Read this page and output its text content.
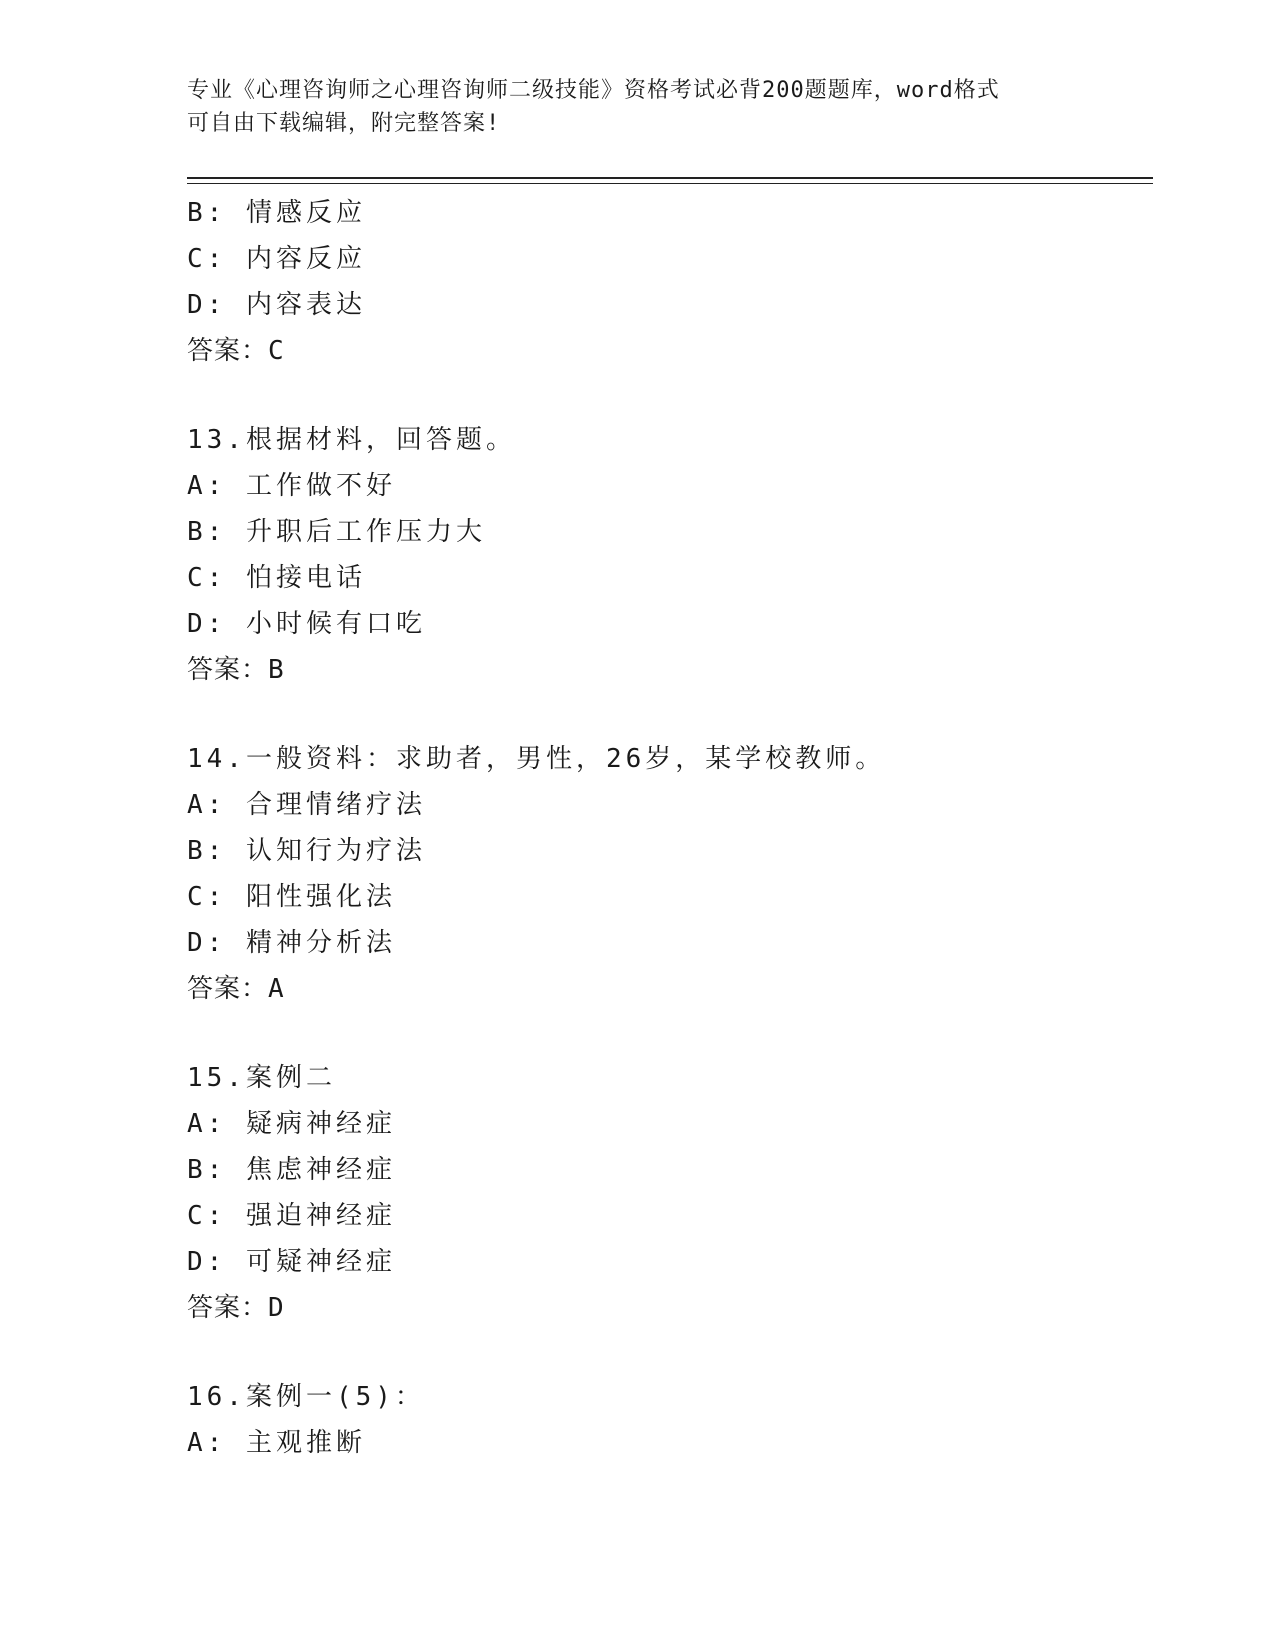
专业《心理咨询师之心理咨询师二级技能》资格考试必背200题题库，word格式
可自由下载编辑，附完整答案!
B: 情感反应
C: 内容反应
D: 内容表达
答案：C
13.根据材料，回答题。
A: 工作做不好
B: 升职后工作压力大
C: 怕接电话
D: 小时候有口吃
答案：B
14.一般资料：求助者，男性，26岁，某学校教师。
A: 合理情绪疗法
B: 认知行为疗法
C: 阳性强化法
D: 精神分析法
答案：A
15.案例二
A: 疑病神经症
B: 焦虑神经症
C: 强迫神经症
D: 可疑神经症
答案：D
16.案例一(5)：
A: 主观推断
